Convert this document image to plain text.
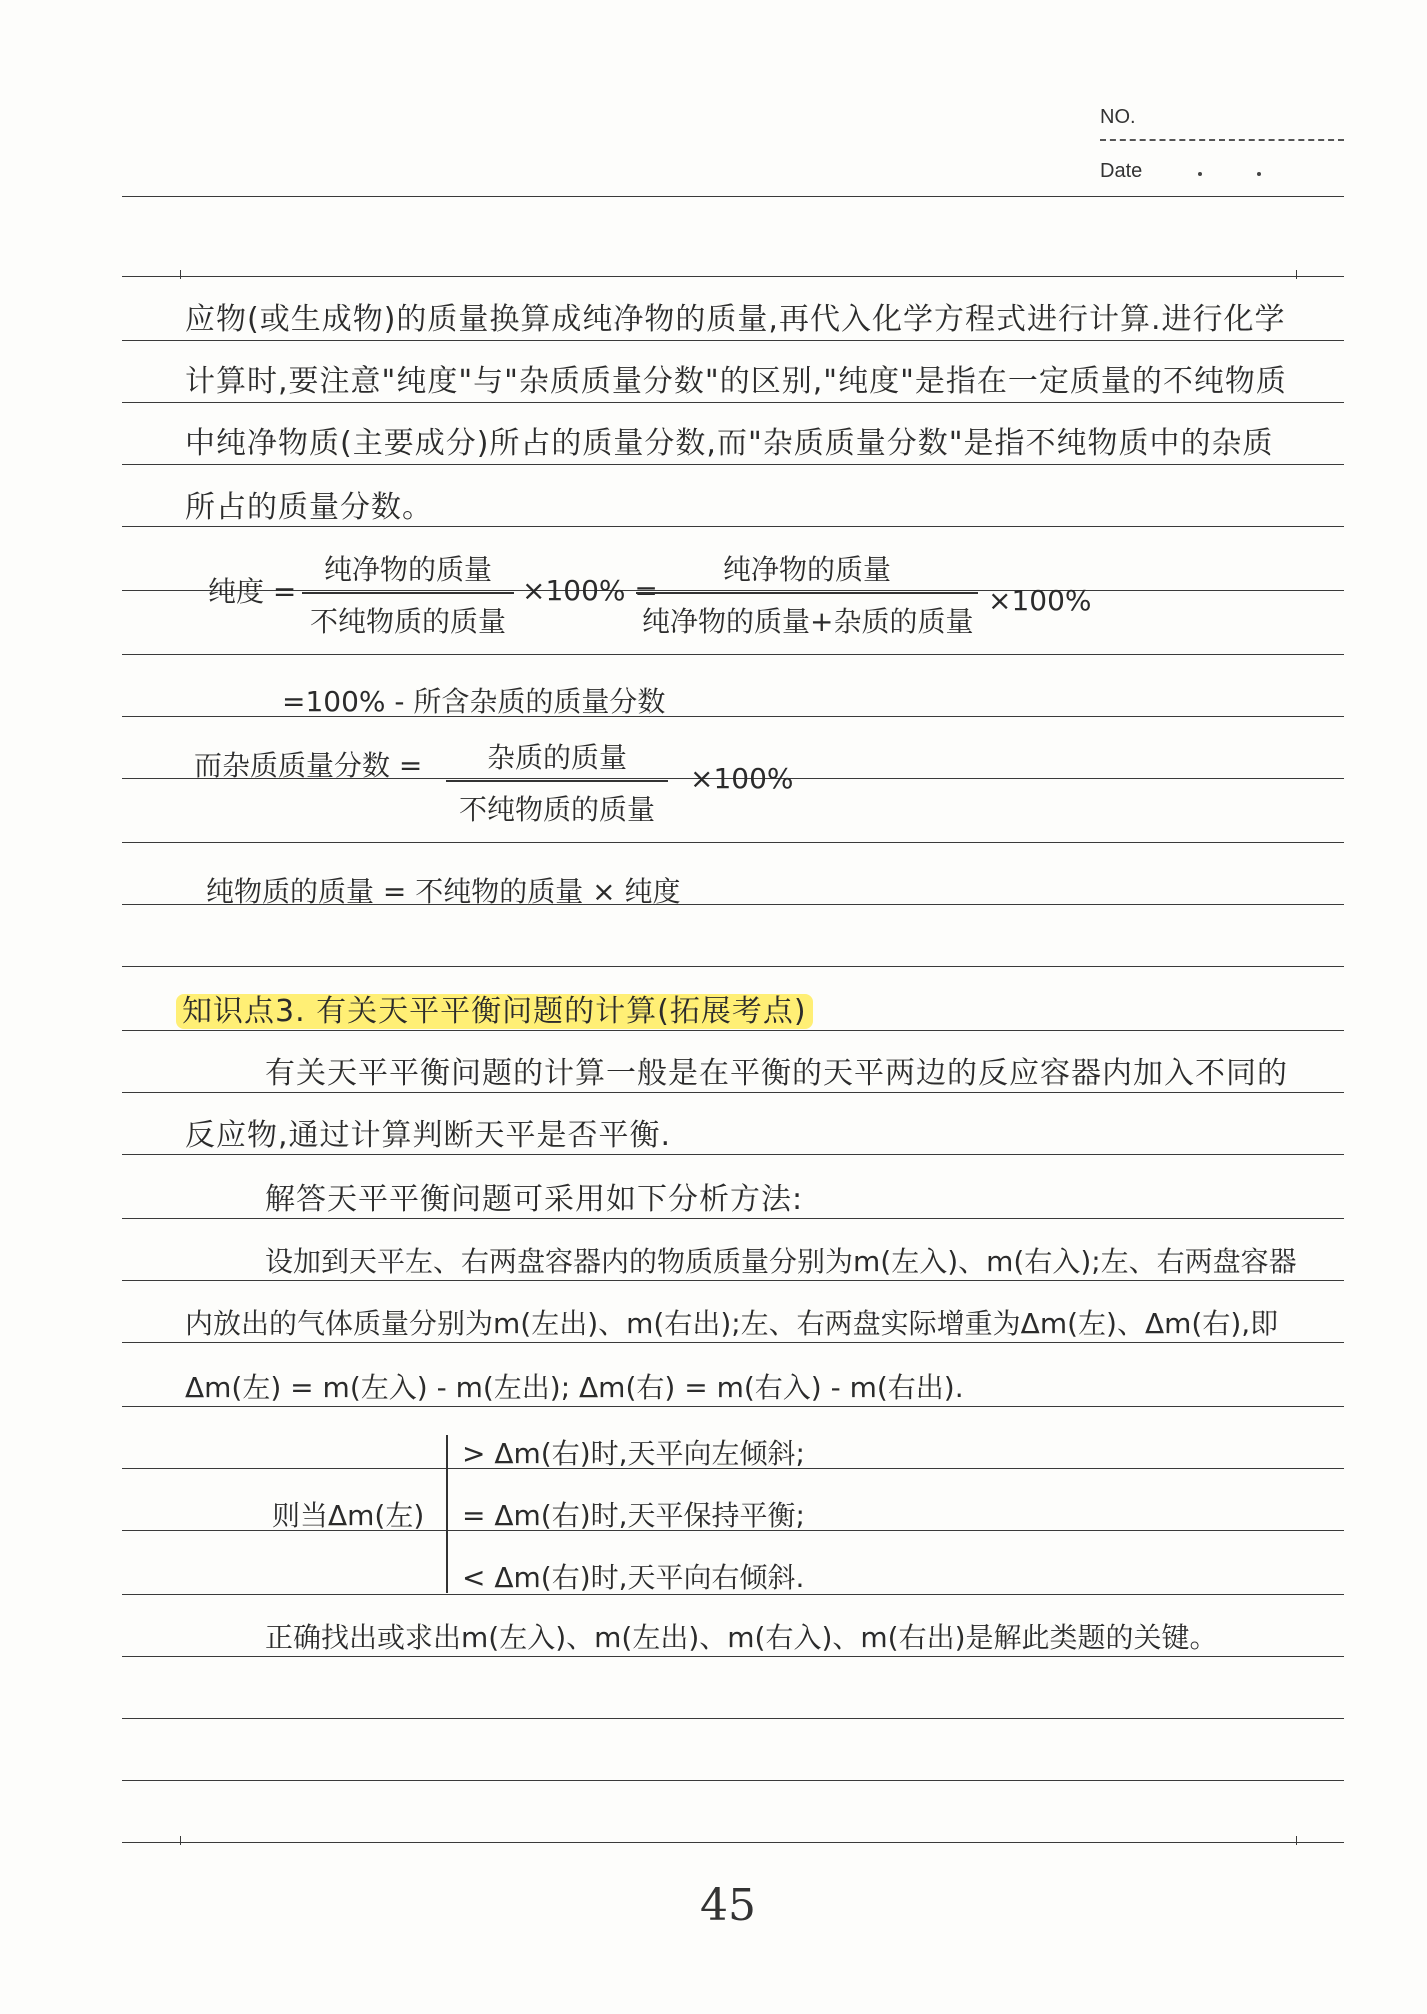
NO.
Date
应物(或生成物)的质量换算成纯净物的质量,再代入化学方程式进行计算.进行化学
计算时,要注意"纯度"与"杂质质量分数"的区别,"纯度"是指在一定质量的不纯物质
中纯净物质(主要成分)所占的质量分数,而"杂质质量分数"是指不纯物质中的杂质
所占的质量分数。
纯度 =
纯净物的质量
不纯物质的质量
×100% =
纯净物的质量
纯净物的质量+杂质的质量
×100%
=100% - 所含杂质的质量分数
而杂质质量分数 =	杂质的质量
不纯物质的质量
×100%
纯物质的质量 = 不纯物的质量 × 纯度
知识点3. 有关天平平衡问题的计算(拓展考点)
有关天平平衡问题的计算一般是在平衡的天平两边的反应容器内加入不同的
反应物,通过计算判断天平是否平衡.
解答天平平衡问题可采用如下分析方法:
设加到天平左、右两盘容器内的物质质量分别为m(左入)、m(右入);左、右两盘容器
内放出的气体质量分别为m(左出)、m(右出);左、右两盘实际增重为Δm(左)、Δm(右),即
Δm(左) = m(左入) - m(左出); Δm(右) = m(右入) - m(右出).
则当Δm(左)
> Δm(右)时,天平向左倾斜;
= Δm(右)时,天平保持平衡;
< Δm(右)时,天平向右倾斜.
正确找出或求出m(左入)、m(左出)、m(右入)、m(右出)是解此类题的关键。
45
